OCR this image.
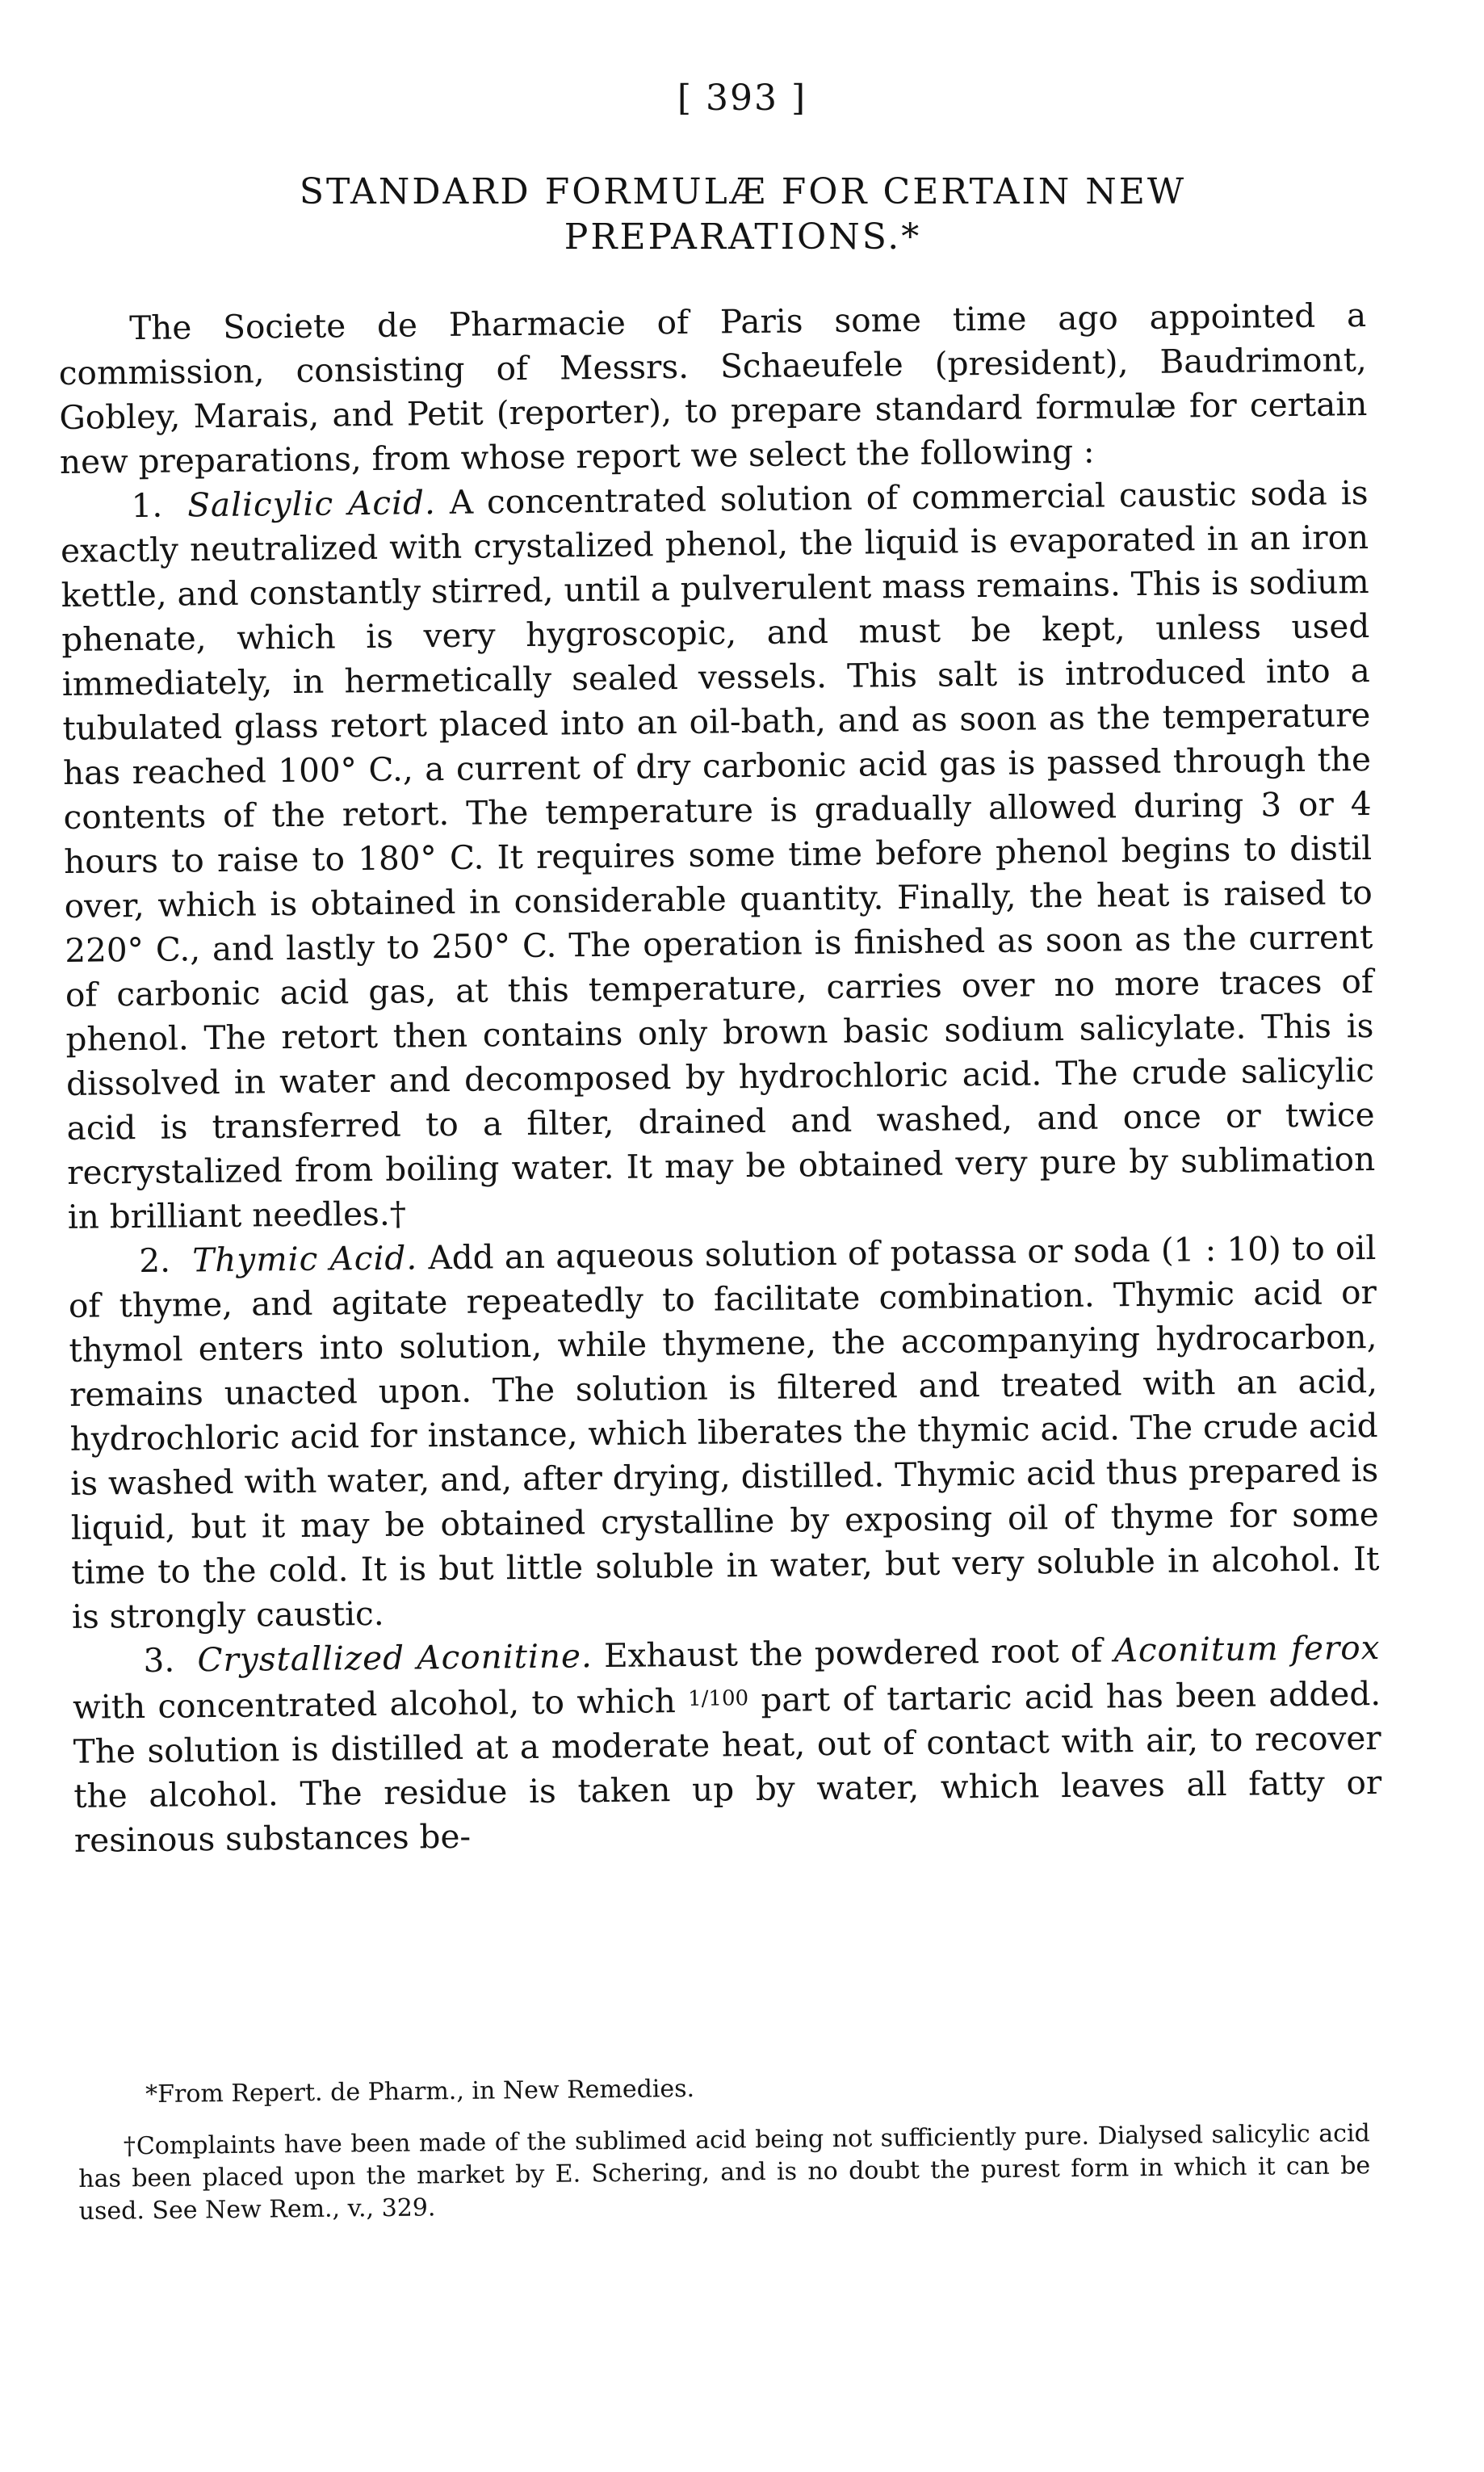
[ 393 ]
STANDARD FORMULÆ FOR CERTAIN NEW
PREPARATIONS.*

The Societe de Pharmacie of Paris some time ago appointed a commission, consisting of Messrs. Schaeufele (president), Baudrimont, Gobley, Marais, and Petit (reporter), to prepare standard formulæ for certain new preparations, from whose report we select the following :

1. Salicylic Acid. A concentrated solution of commercial caustic soda is exactly neutralized with crystalized phenol, the liquid is evaporated in an iron kettle, and constantly stirred, until a pulverulent mass remains. This is sodium phenate, which is very hygroscopic, and must be kept, unless used immediately, in hermetically sealed vessels. This salt is introduced into a tubulated glass retort placed into an oil-bath, and as soon as the temperature has reached 100° C., a current of dry carbonic acid gas is passed through the contents of the retort. The temperature is gradually allowed during 3 or 4 hours to raise to 180° C. It requires some time before phenol begins to distil over, which is obtained in considerable quantity. Finally, the heat is raised to 220° C., and lastly to 250° C. The operation is finished as soon as the current of carbonic acid gas, at this temperature, carries over no more traces of phenol. The retort then contains only brown basic sodium salicylate. This is dissolved in water and decomposed by hydrochloric acid. The crude salicylic acid is transferred to a filter, drained and washed, and once or twice recrystalized from boiling water. It may be obtained very pure by sublimation in brilliant needles.†

2. Thymic Acid. Add an aqueous solution of potassa or soda (1 : 10) to oil of thyme, and agitate repeatedly to facilitate combination. Thymic acid or thymol enters into solution, while thymene, the accompanying hydrocarbon, remains unacted upon. The solution is filtered and treated with an acid, hydrochloric acid for instance, which liberates the thymic acid. The crude acid is washed with water, and, after drying, distilled. Thymic acid thus prepared is liquid, but it may be obtained crystalline by exposing oil of thyme for some time to the cold. It is but little soluble in water, but very soluble in alcohol. It is strongly caustic.

3. Crystallized Aconitine. Exhaust the powdered root of Aconitum ferox with concentrated alcohol, to which 1/100 part of tartaric acid has been added. The solution is distilled at a moderate heat, out of contact with air, to recover the alcohol. The residue is taken up by water, which leaves all fatty or resinous substances be-

*From Repert. de Pharm., in New Remedies.

†Complaints have been made of the sublimed acid being not sufficiently pure. Dialysed salicylic acid has been placed upon the market by E. Schering, and is no doubt the purest form in which it can be used. See New Rem., v., 329.
